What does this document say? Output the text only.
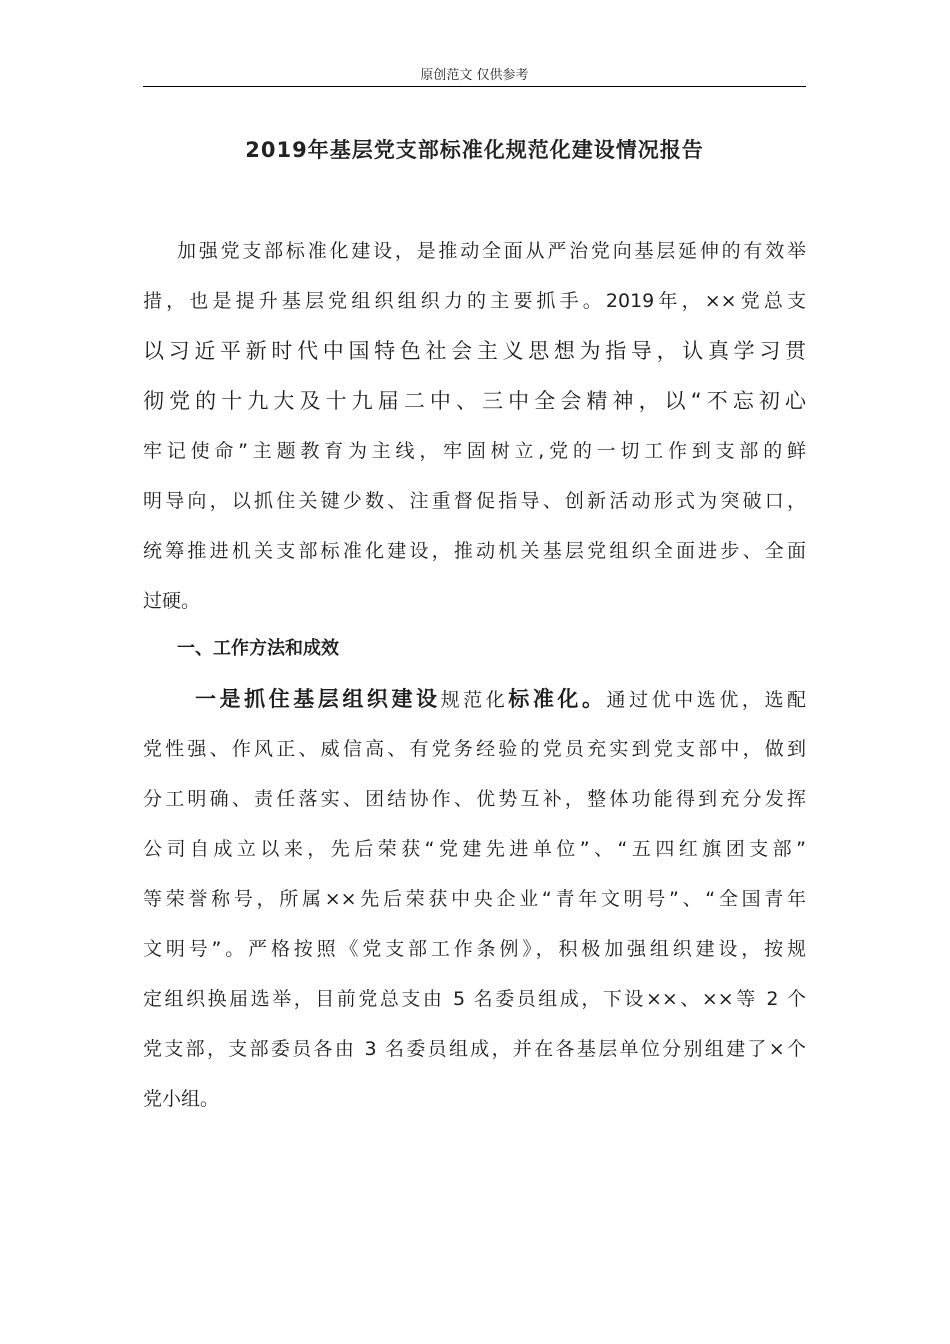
原创范文 仅供参考
2019年基层党支部标准化规范化建设情况报告
加强党支部标准化建设，是推动全面从严治党向基层延伸的有效举
措，也是提升基层党组织组织力的主要抓手。2019年，××党总支
以习近平新时代中国特色社会主义思想为指导，认真学习贯
彻党的十九大及十九届二中、三中全会精神，以“不忘初心
牢记使命”主题教育为主线，牢固树立,党的一切工作到支部的鲜
明导向，以抓住关键少数、注重督促指导、创新活动形式为突破口，
统筹推进机关支部标准化建设，推动机关基层党组织全面进步、全面
过硬。
一、工作方法和成效
一是抓住基层组织建设规范化标准化。通过优中选优，选配
党性强、作风正、威信高、有党务经验的党员充实到党支部中，做到
分工明确、责任落实、团结协作、优势互补，整体功能得到充分发挥
公司自成立以来，先后荣获“党建先进单位”、“五四红旗团支部”
等荣誉称号，所属××先后荣获中央企业“青年文明号”、“全国青年
文明号”。严格按照《党支部工作条例》，积极加强组织建设，按规
定组织换届选举，目前党总支由 5 名委员组成，下设××、××等 2 个
党支部，支部委员各由 3 名委员组成，并在各基层单位分别组建了×个
党小组。
